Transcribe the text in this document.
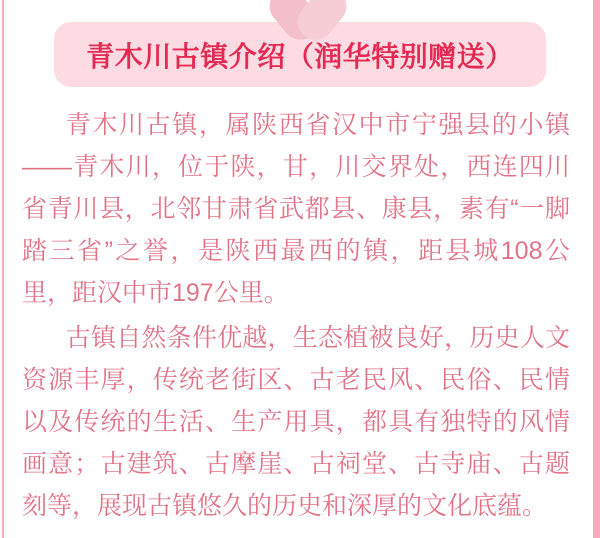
青木川古镇介绍（润华特别赠送）

青木川古镇，属陕西省汉中市宁强县的小镇——青木川，位于陕，甘，川交界处，西连四川省青川县，北邻甘肃省武都县、康县，素有“一脚踏三省”之誉，是陕西最西的镇，距县城108公里，距汉中市197公里。

古镇自然条件优越，生态植被良好，历史人文资源丰厚，传统老街区、古老民风、民俗、民情以及传统的生活、生产用具，都具有独特的风情画意；古建筑、古摩崖、古祠堂、古寺庙、古题刻等，展现古镇悠久的历史和深厚的文化底蕴。
